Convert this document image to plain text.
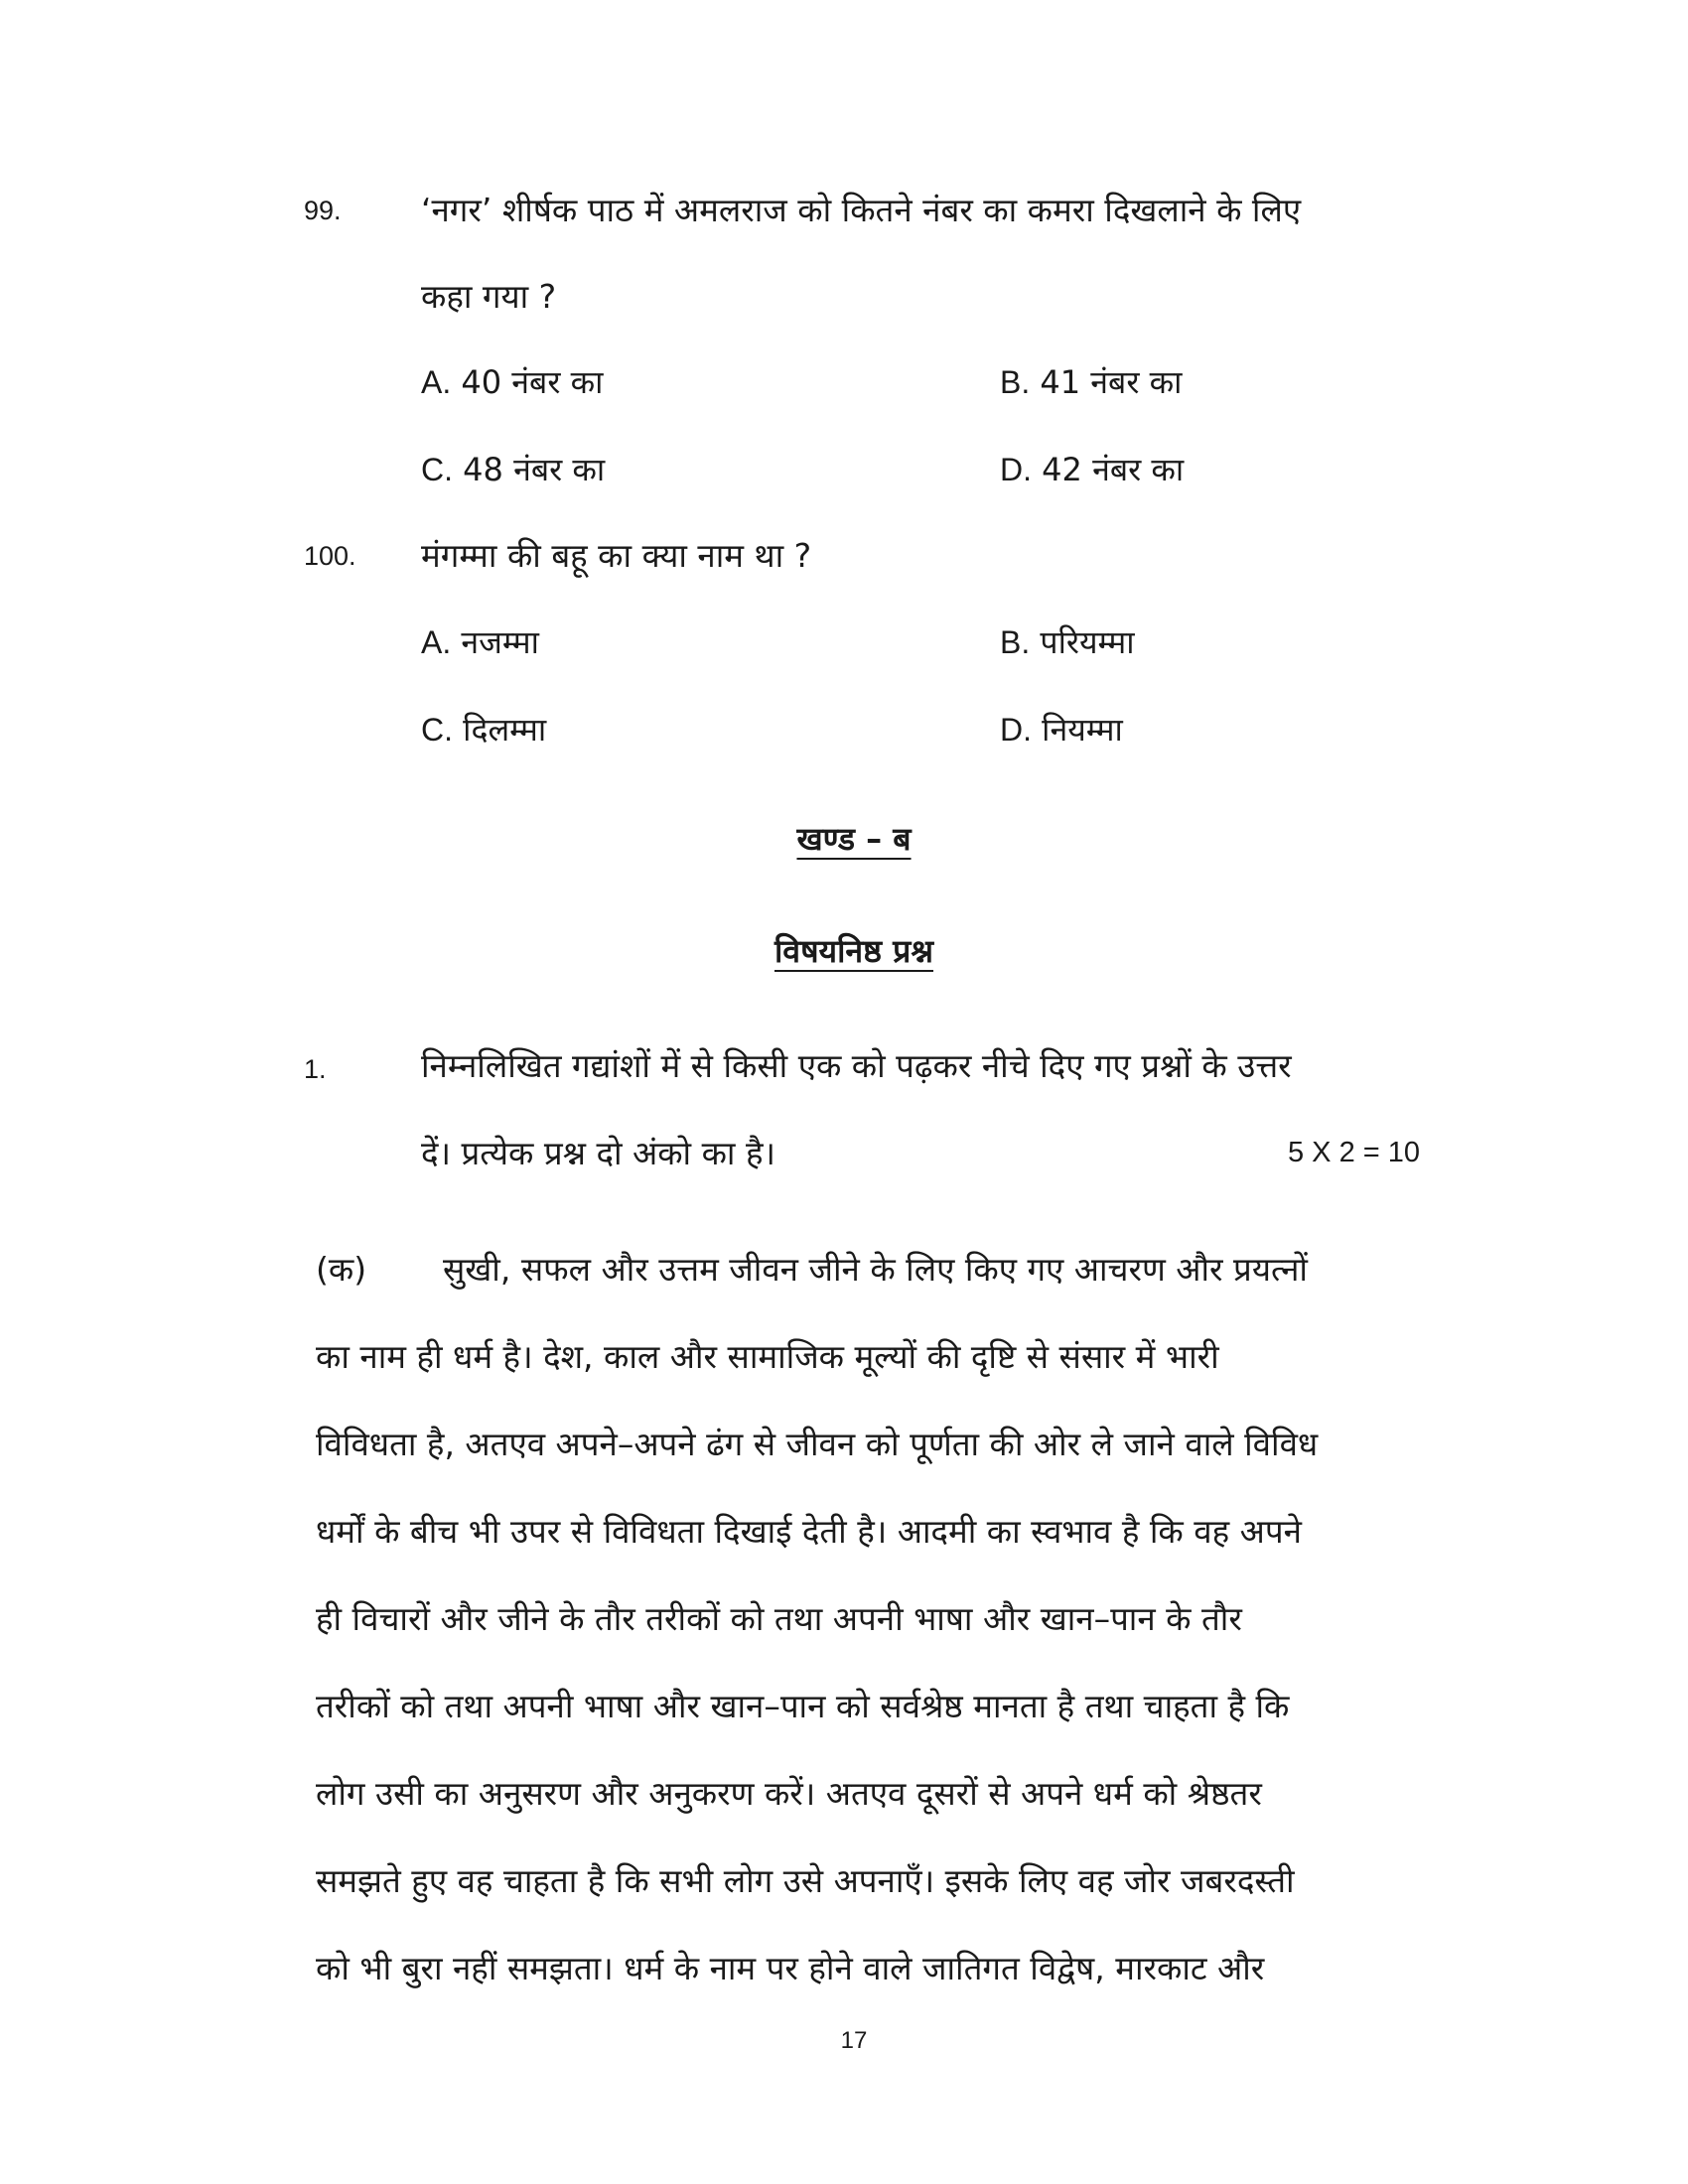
99. ‘नगर’ शीर्षक पाठ में अमलराज को कितने नंबर का कमरा दिखलाने के लिए
कहा गया ?
A. 40 नंबर का	B. 41 नंबर का
C. 48 नंबर का	D. 42 नंबर का
100. मंगम्मा की बहू का क्या नाम था ?
A. नजम्मा	B. परियम्मा
C. दिलम्मा	D. नियम्मा
खण्ड – ब
विषयनिष्ठ प्रश्न
1.	निम्नलिखित गद्यांशों में से किसी एक को पढ़कर नीचे दिए गए प्रश्नों के उत्तर
दें। प्रत्येक प्रश्न दो अंको का है।	5 X 2 = 10
(क) सुखी, सफल और उत्तम जीवन जीने के लिए किए गए आचरण और प्रयत्नों
का नाम ही धर्म है। देश, काल और सामाजिक मूल्यों की दृष्टि से संसार में भारी
विविधता है, अतएव अपने–अपने ढंग से जीवन को पूर्णता की ओर ले जाने वाले विविध
धर्मों के बीच भी उपर से विविधता दिखाई देती है। आदमी का स्वभाव है कि वह अपने
ही विचारों और जीने के तौर तरीकों को तथा अपनी भाषा और खान–पान के तौर
तरीकों को तथा अपनी भाषा और खान–पान को सर्वश्रेष्ठ मानता है तथा चाहता है कि
लोग उसी का अनुसरण और अनुकरण करें। अतएव दूसरों से अपने धर्म को श्रेष्ठतर
समझते हुए वह चाहता है कि सभी लोग उसे अपनाएँ। इसके लिए वह जोर जबरदस्ती
को भी बुरा नहीं समझता। धर्म के नाम पर होने वाले जातिगत विद्वेष, मारकाट और
17
